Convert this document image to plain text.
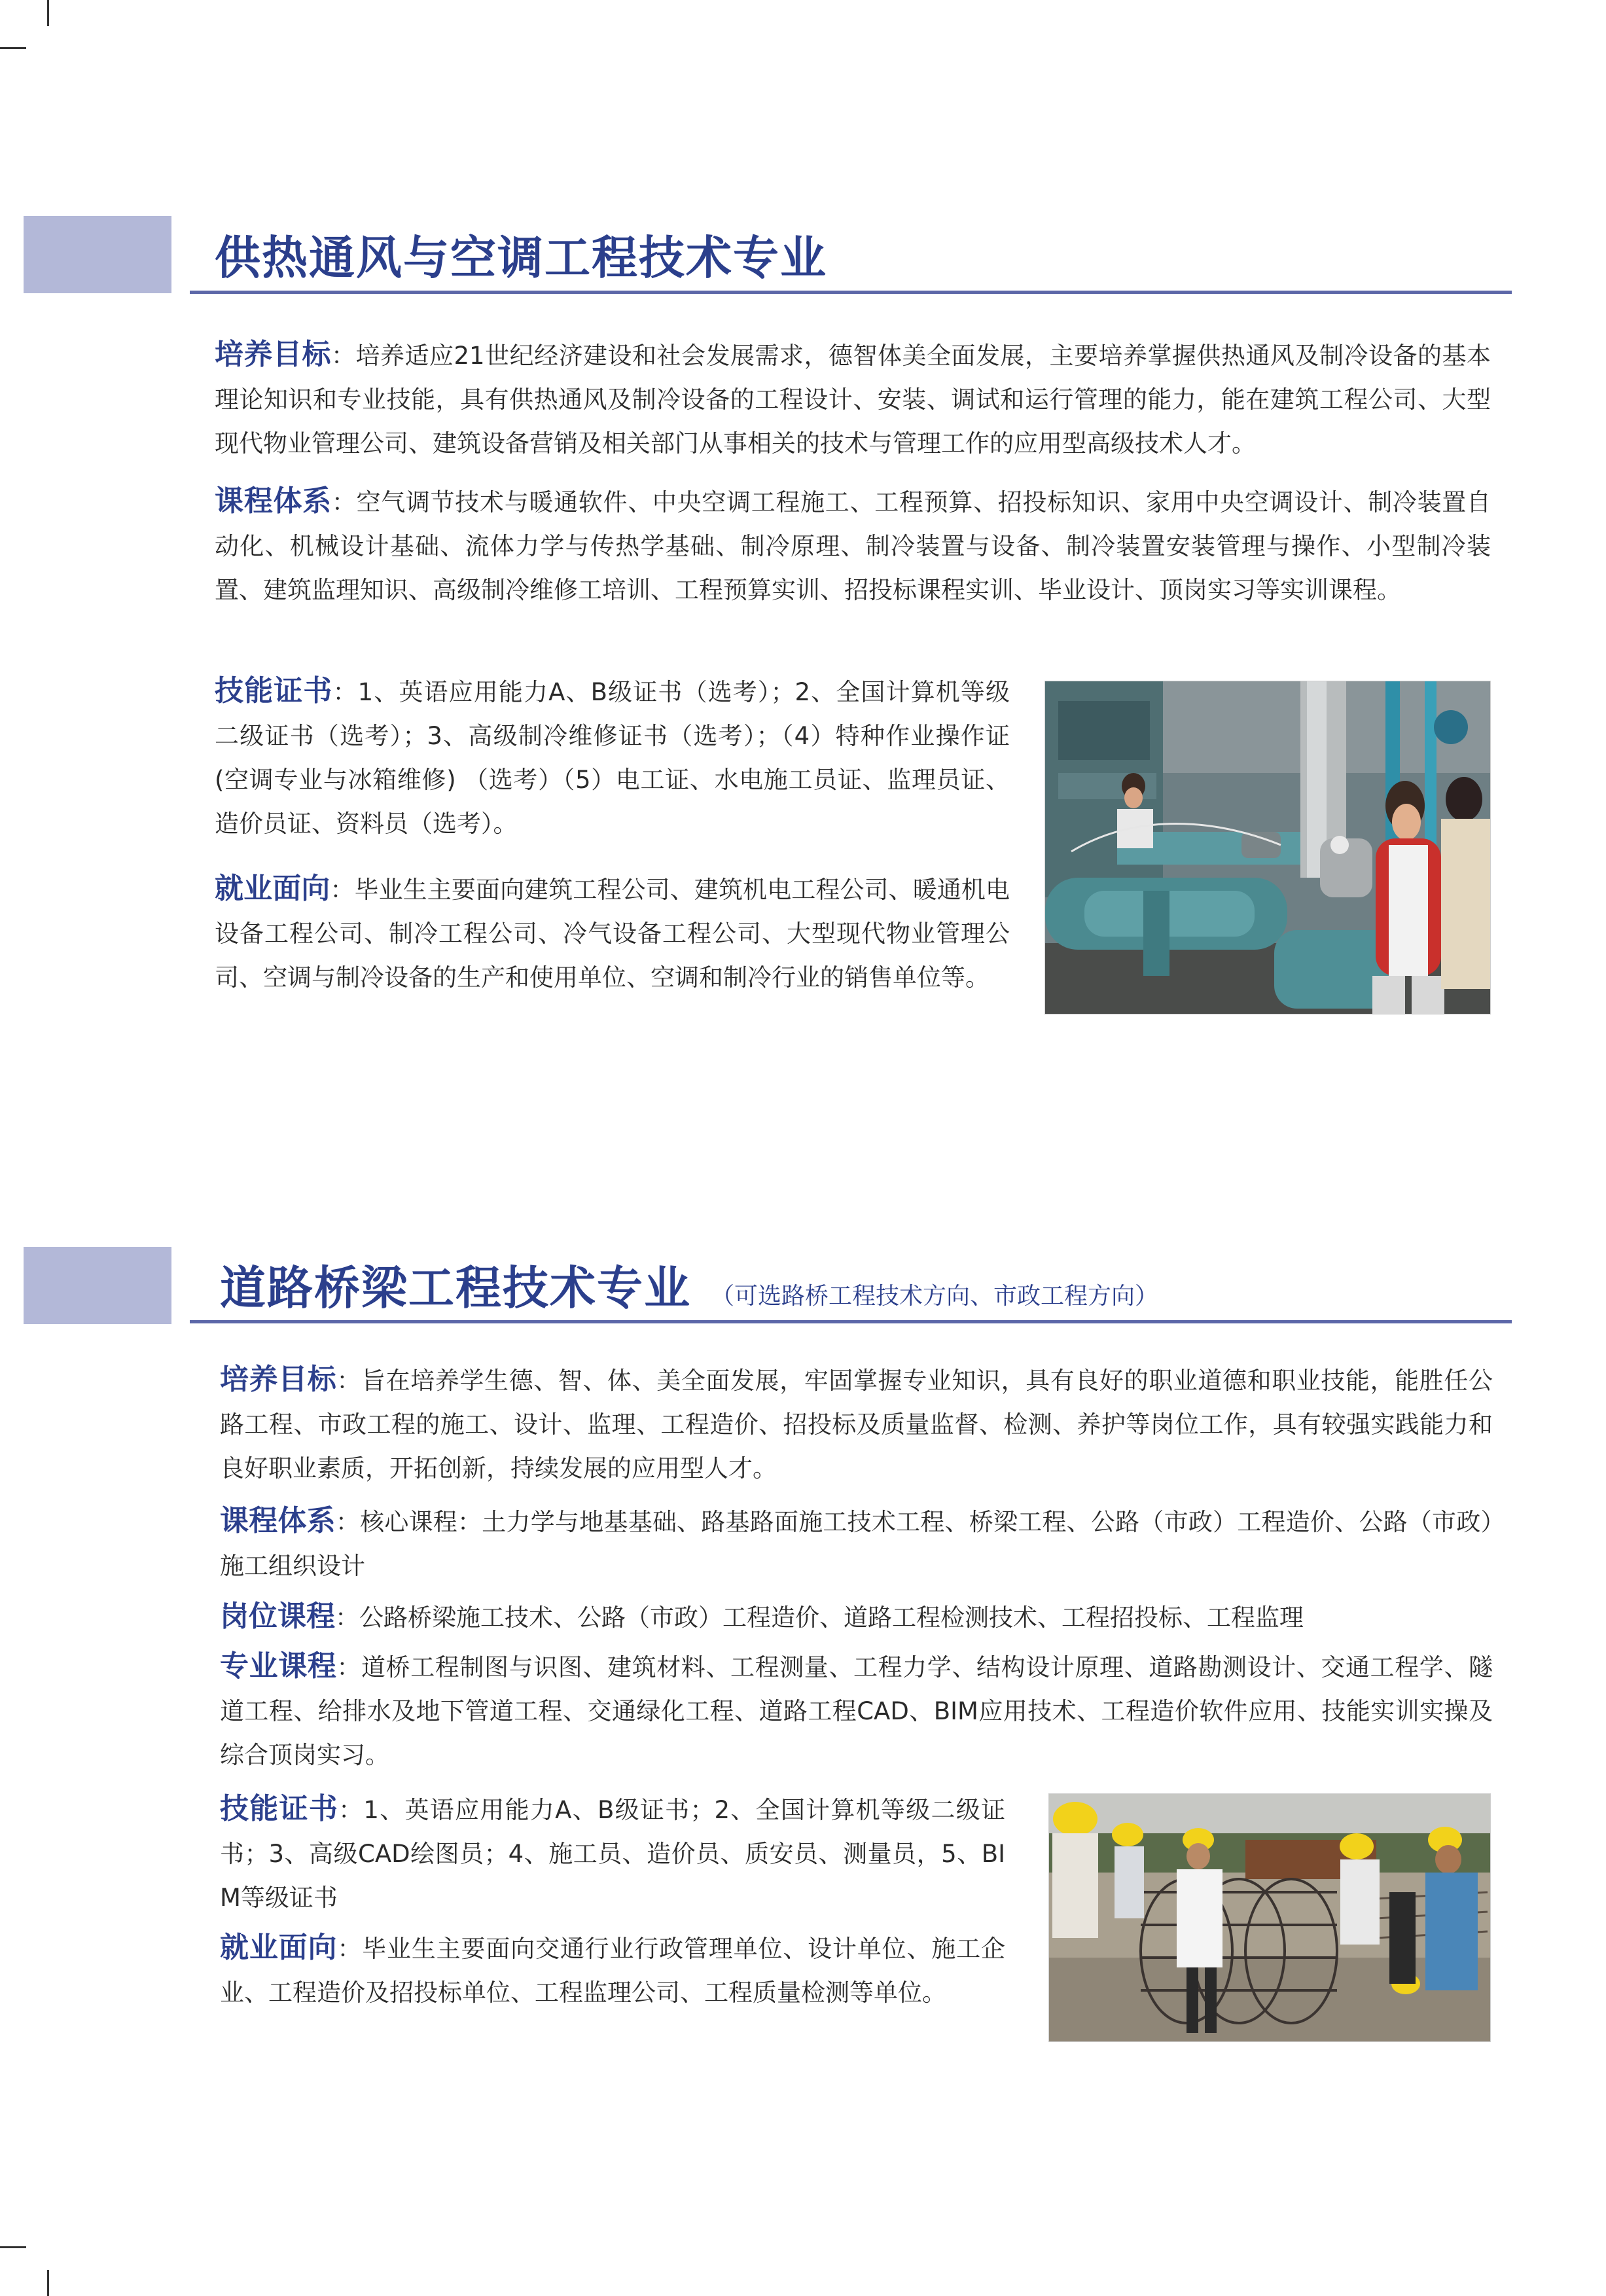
供热通风与空调工程技术专业
培养目标：培养适应21世纪经济建设和社会发展需求，德智体美全面发展，主要培养掌握供热通风及制冷设备的基本理论知识和专业技能，具有供热通风及制冷设备的工程设计、安装、调试和运行管理的能力，能在建筑工程公司、大型现代物业管理公司、建筑设备营销及相关部门从事相关的技术与管理工作的应用型高级技术人才。
课程体系：空气调节技术与暖通软件、中央空调工程施工、工程预算、招投标知识、家用中央空调设计、制冷装置自动化、机械设计基础、流体力学与传热学基础、制冷原理、制冷装置与设备、制冷装置安装管理与操作、小型制冷装置、建筑监理知识、高级制冷维修工培训、工程预算实训、招投标课程实训、毕业设计、顶岗实习等实训课程。
技能证书：1、英语应用能力A、B级证书（选考）；2、全国计算机等级二级证书（选考）；3、高级制冷维修证书（选考）；（4）特种作业操作证(空调专业与冰箱维修) （选考）（5）电工证、水电施工员证、监理员证、造价员证、资料员（选考）。
就业面向：毕业生主要面向建筑工程公司、建筑机电工程公司、暖通机电设备工程公司、制冷工程公司、冷气设备工程公司、大型现代物业管理公司、空调与制冷设备的生产和使用单位、空调和制冷行业的销售单位等。
道路桥梁工程技术专业 （可选路桥工程技术方向、市政工程方向）
培养目标：旨在培养学生德、智、体、美全面发展，牢固掌握专业知识，具有良好的职业道德和职业技能，能胜任公路工程、市政工程的施工、设计、监理、工程造价、招投标及质量监督、检测、养护等岗位工作，具有较强实践能力和良好职业素质，开拓创新，持续发展的应用型人才。
课程体系：核心课程：土力学与地基基础、路基路面施工技术工程、桥梁工程、公路（市政）工程造价、公路（市政）施工组织设计
岗位课程：公路桥梁施工技术、公路（市政）工程造价、道路工程检测技术、工程招投标、工程监理
专业课程：道桥工程制图与识图、建筑材料、工程测量、工程力学、结构设计原理、道路勘测设计、交通工程学、隧道工程、给排水及地下管道工程、交通绿化工程、道路工程CAD、BIM应用技术、工程造价软件应用、技能实训实操及综合顶岗实习。
技能证书：1、英语应用能力A、B级证书；2、全国计算机等级二级证书；3、高级CAD绘图员；4、施工员、造价员、质安员、测量员，5、BIM等级证书
就业面向：毕业生主要面向交通行业行政管理单位、设计单位、施工企业、工程造价及招投标单位、工程监理公司、工程质量检测等单位。
